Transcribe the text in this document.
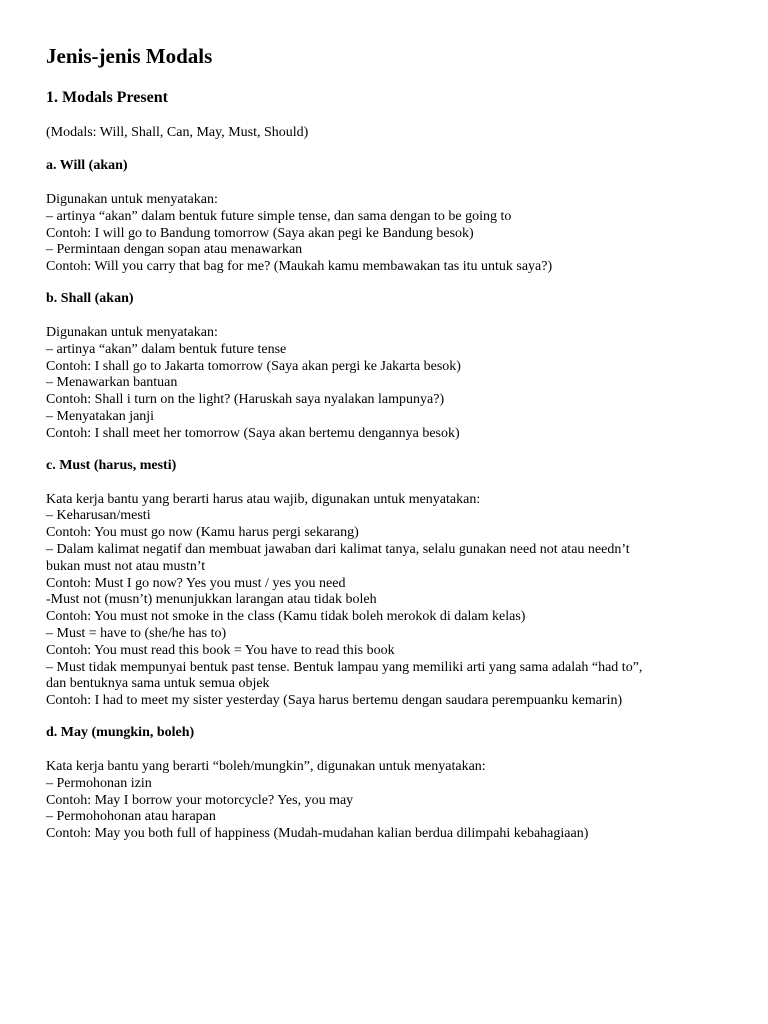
Jenis-jenis Modals
1. Modals Present

(Modals: Will, Shall, Can, May, Must, Should)

a. Will (akan)
Digunakan untuk menyatakan:
– artinya “akan” dalam bentuk future simple tense, dan sama dengan to be going to
Contoh: I will go to Bandung tomorrow (Saya akan pegi ke Bandung besok)
– Permintaan dengan sopan atau menawarkan
Contoh: Will you carry that bag for me? (Maukah kamu membawakan tas itu untuk saya?)
b. Shall (akan)
Digunakan untuk menyatakan:
– artinya “akan” dalam bentuk future tense
Contoh: I shall go to Jakarta tomorrow (Saya akan pergi ke Jakarta besok)
– Menawarkan bantuan
Contoh: Shall i turn on the light? (Haruskah saya nyalakan lampunya?)
– Menyatakan janji
Contoh: I shall meet her tomorrow (Saya akan bertemu dengannya besok)
c. Must (harus, mesti)
Kata kerja bantu yang berarti harus atau wajib, digunakan untuk menyatakan:
– Keharusan/mesti
Contoh: You must go now (Kamu harus pergi sekarang)
– Dalam kalimat negatif dan membuat jawaban dari kalimat tanya, selalu gunakan need not atau needn’t
bukan must not atau mustn’t
Contoh: Must I go now? Yes you must / yes you need
-Must not (musn’t) menunjukkan larangan atau tidak boleh
Contoh: You must not smoke in the class (Kamu tidak boleh merokok di dalam kelas)
– Must = have to (she/he has to)
Contoh: You must read this book = You have to read this book
– Must tidak mempunyai bentuk past tense. Bentuk lampau yang memiliki arti yang sama adalah “had to”,
dan bentuknya sama untuk semua objek
Contoh: I had to meet my sister yesterday (Saya harus bertemu dengan saudara perempuanku kemarin)
d. May (mungkin, boleh)
Kata kerja bantu yang berarti “boleh/mungkin”, digunakan untuk menyatakan:
– Permohonan izin
Contoh: May I borrow your motorcycle? Yes, you may
– Permohohonan atau harapan
Contoh: May you both full of happiness (Mudah-mudahan kalian berdua dilimpahi kebahagiaan)
